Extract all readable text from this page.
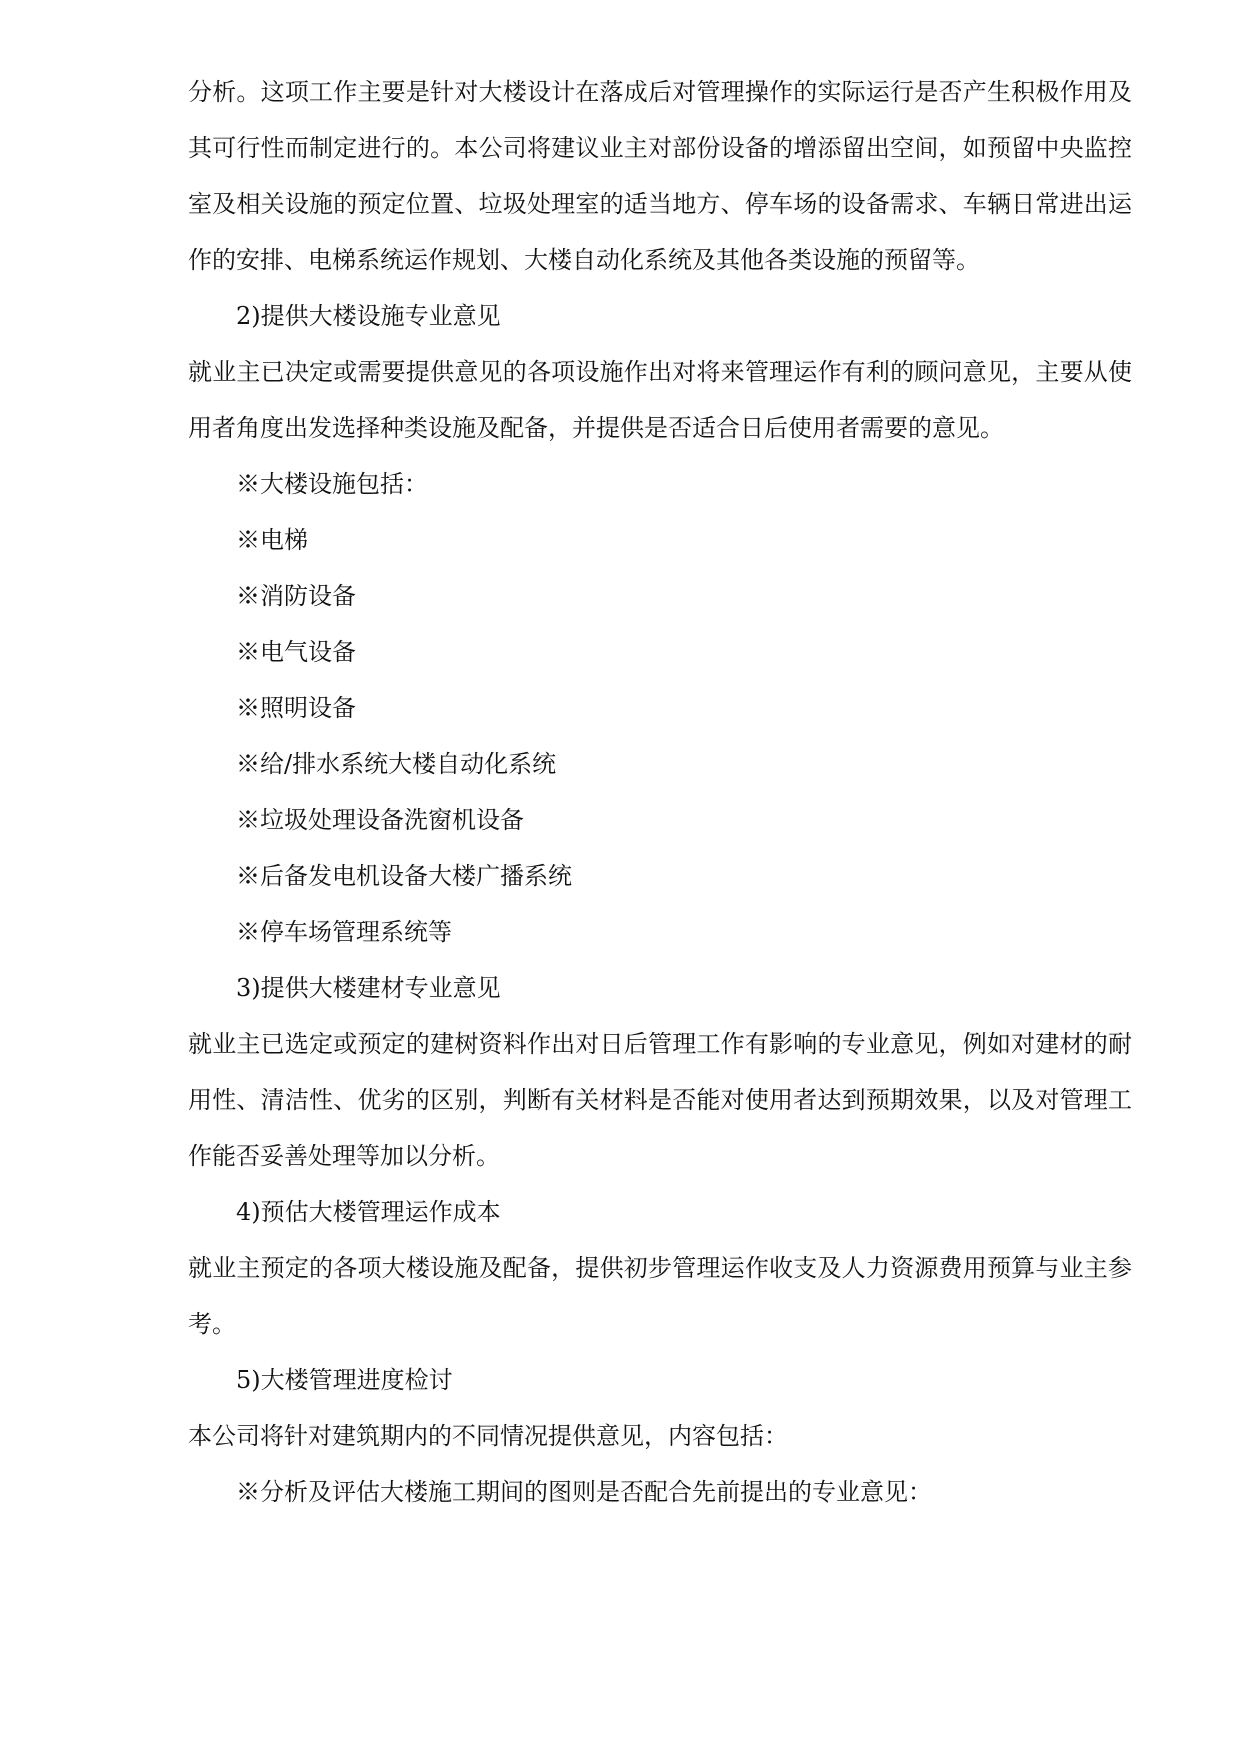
分析。这项工作主要是针对大楼设计在落成后对管理操作的实际运行是否产生积极作用及其可行性而制定进行的。本公司将建议业主对部份设备的增添留出空间，如预留中央监控室及相关设施的预定位置、垃圾处理室的适当地方、停车场的设备需求、车辆日常进出运作的安排、电梯系统运作规划、大楼自动化系统及其他各类设施的预留等。

2)提供大楼设施专业意见

就业主已决定或需要提供意见的各项设施作出对将来管理运作有利的顾问意见，主要从使用者角度出发选择种类设施及配备，并提供是否适合日后使用者需要的意见。

※大楼设施包括：
※电梯
※消防设备
※电气设备
※照明设备
※给/排水系统大楼自动化系统
※垃圾处理设备洗窗机设备
※后备发电机设备大楼广播系统
※停车场管理系统等
3)提供大楼建材专业意见

就业主已选定或预定的建树资料作出对日后管理工作有影响的专业意见，例如对建材的耐用性、清洁性、优劣的区别，判断有关材料是否能对使用者达到预期效果，以及对管理工作能否妥善处理等加以分析。

4)预估大楼管理运作成本

就业主预定的各项大楼设施及配备，提供初步管理运作收支及人力资源费用预算与业主参考。

5)大楼管理进度检讨

本公司将针对建筑期内的不同情况提供意见，内容包括：

※分析及评估大楼施工期间的图则是否配合先前提出的专业意见：
